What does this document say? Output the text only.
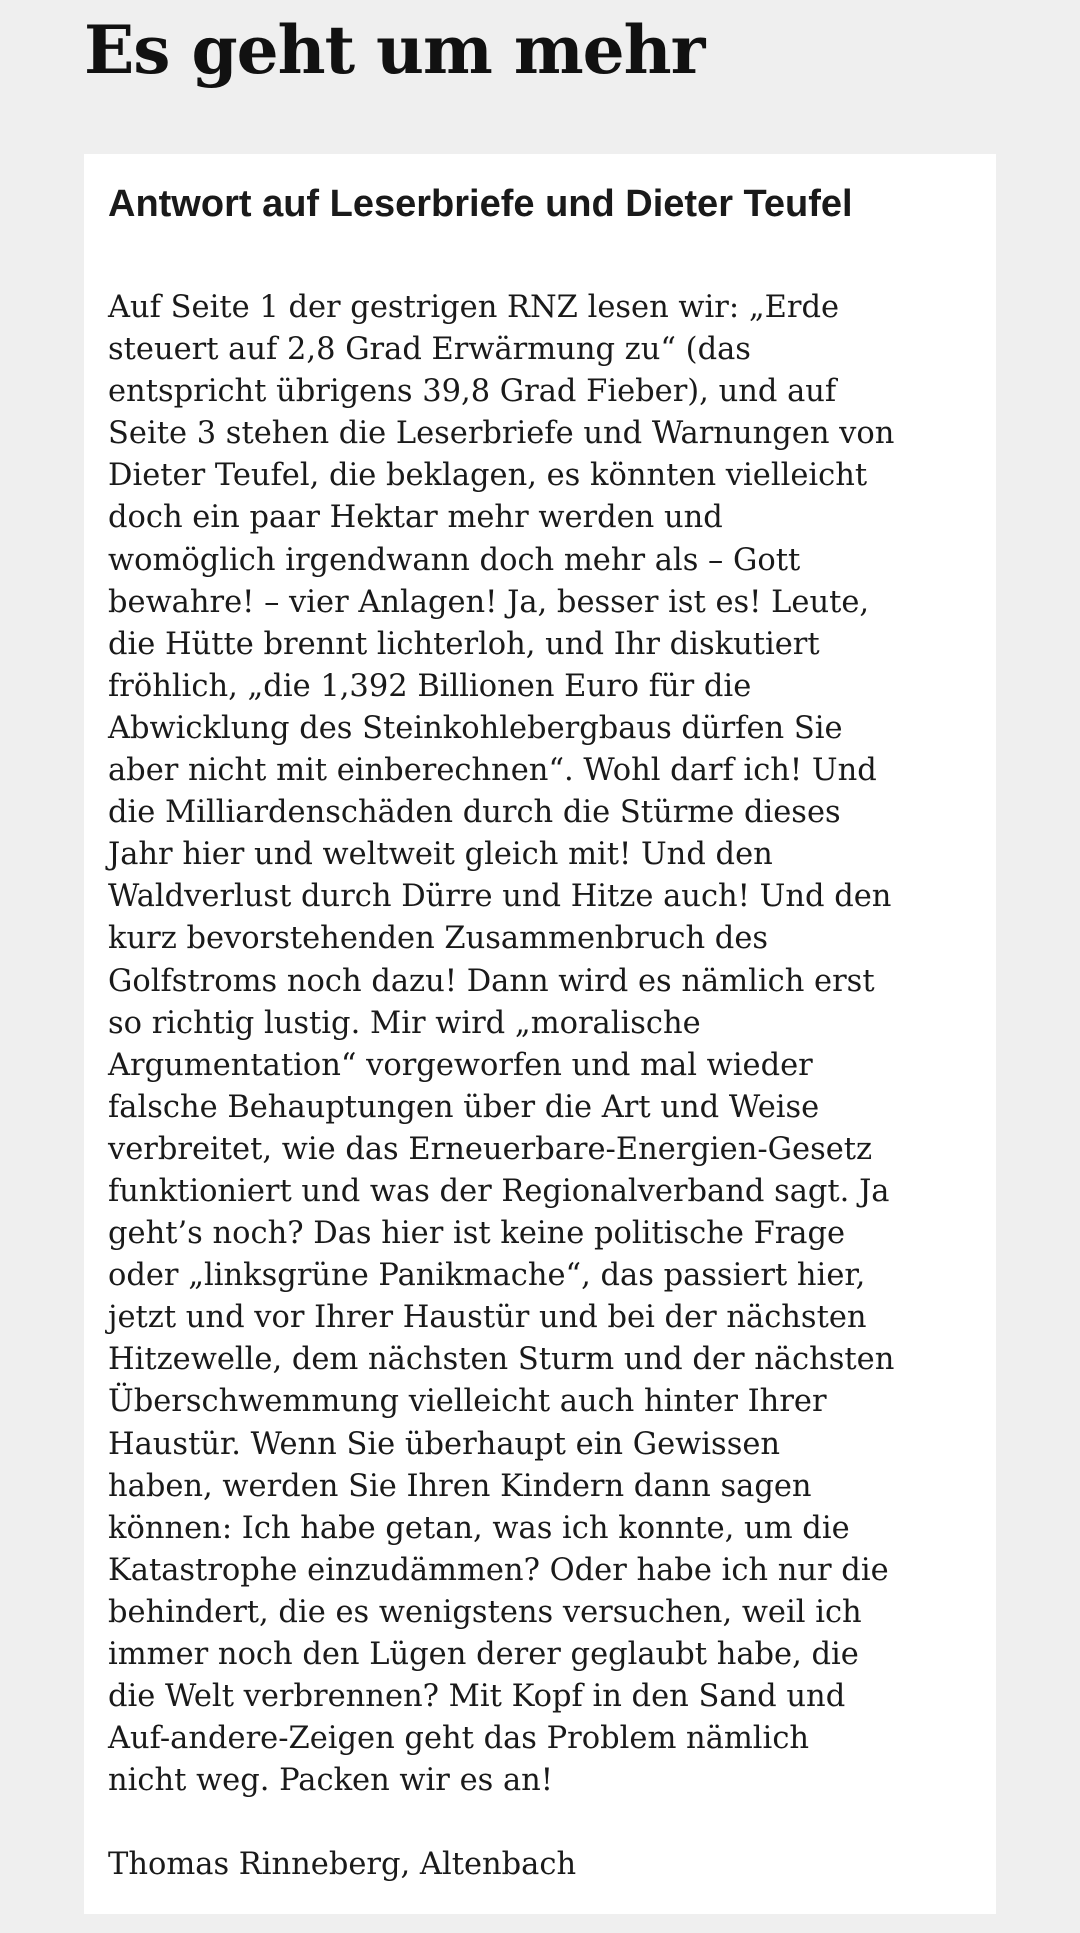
Es geht um mehr
Antwort auf Leserbriefe und Dieter Teufel
Auf Seite 1 der gestrigen RNZ lesen wir: „Erde
steuert auf 2,8 Grad Erwärmung zu“ (das
entspricht übrigens 39,8 Grad Fieber), und auf
Seite 3 stehen die Leserbriefe und Warnungen von
Dieter Teufel, die beklagen, es könnten vielleicht
doch ein paar Hektar mehr werden und
womöglich irgendwann doch mehr als – Gott
bewahre! – vier Anlagen! Ja, besser ist es! Leute,
die Hütte brennt lichterloh, und Ihr diskutiert
fröhlich, „die 1,392 Billionen Euro für die
Abwicklung des Steinkohlebergbaus dürfen Sie
aber nicht mit einberechnen“. Wohl darf ich! Und
die Milliardenschäden durch die Stürme dieses
Jahr hier und weltweit gleich mit! Und den
Waldverlust durch Dürre und Hitze auch! Und den
kurz bevorstehenden Zusammenbruch des
Golfstroms noch dazu! Dann wird es nämlich erst
so richtig lustig. Mir wird „moralische
Argumentation“ vorgeworfen und mal wieder
falsche Behauptungen über die Art und Weise
verbreitet, wie das Erneuerbare-Energien-Gesetz
funktioniert und was der Regionalverband sagt. Ja
geht’s noch? Das hier ist keine politische Frage
oder „linksgrüne Panikmache“, das passiert hier,
jetzt und vor Ihrer Haustür und bei der nächsten
Hitzewelle, dem nächsten Sturm und der nächsten
Überschwemmung vielleicht auch hinter Ihrer
Haustür. Wenn Sie überhaupt ein Gewissen
haben, werden Sie Ihren Kindern dann sagen
können: Ich habe getan, was ich konnte, um die
Katastrophe einzudämmen? Oder habe ich nur die
behindert, die es wenigstens versuchen, weil ich
immer noch den Lügen derer geglaubt habe, die
die Welt verbrennen? Mit Kopf in den Sand und
Auf-andere-Zeigen geht das Problem nämlich
nicht weg. Packen wir es an!

Thomas Rinneberg, Altenbach
